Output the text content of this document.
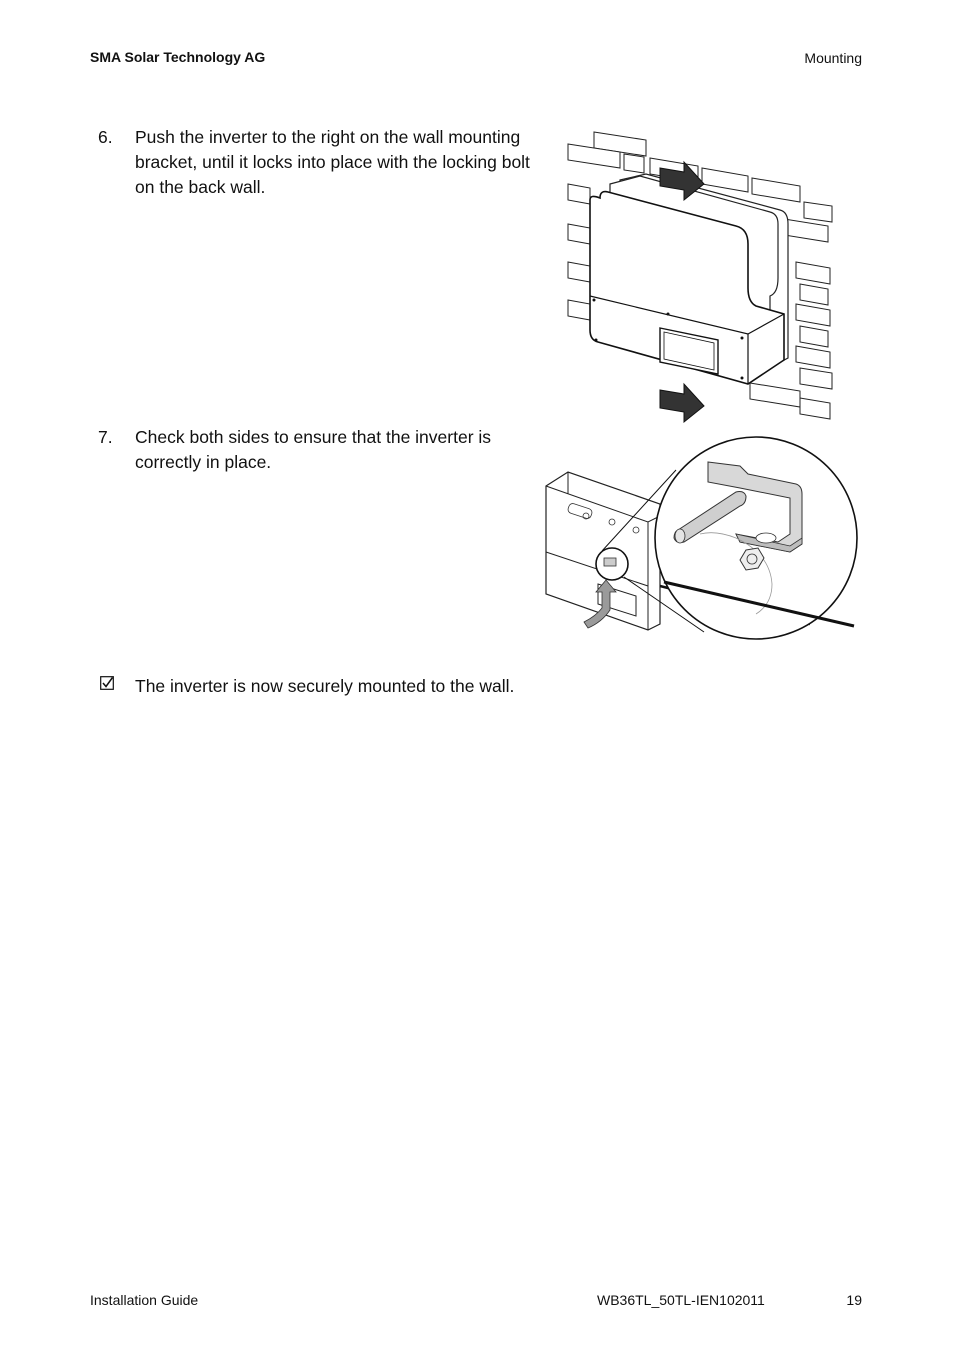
SMA Solar Technology AG	Mounting
6. Push the inverter to the right on the wall mounting bracket, until it locks into place with the locking bolt on the back wall.
7. Check both sides to ensure that the inverter is correctly in place.
The inverter is now securely mounted to the wall.
Installation Guide	WB36TL_50TL-IEN102011	19
